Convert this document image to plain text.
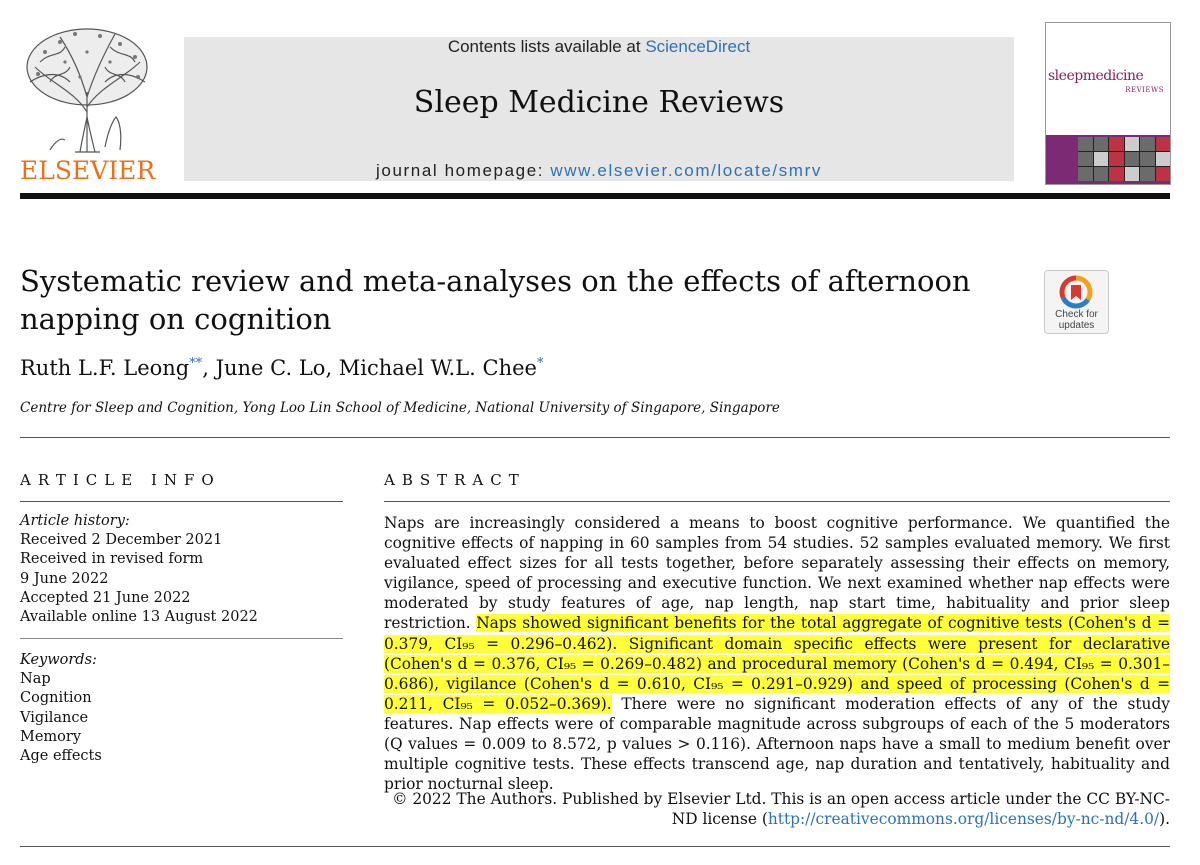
ELSEVIER
Contents lists available at ScienceDirect
Sleep Medicine Reviews
journal homepage: www.elsevier.com/locate/smrv
sleepmedicine
REVIEWS
Systematic review and meta-analyses on the effects of afternoon napping on cognition	Check for
updates
Ruth L.F. Leong**, June C. Lo, Michael W.L. Chee*
Centre for Sleep and Cognition, Yong Loo Lin School of Medicine, National University of Singapore, Singapore
ARTICLE INFO
Article history:
Received 2 December 2021
Received in revised form
9 June 2022
Accepted 21 June 2022
Available online 13 August 2022
Keywords:
Nap
Cognition
Vigilance
Memory
Age effects
ABSTRACT
Naps are increasingly considered a means to boost cognitive performance. We quantified the cognitive effects of napping in 60 samples from 54 studies. 52 samples evaluated memory. We first evaluated effect sizes for all tests together, before separately assessing their effects on memory, vigilance, speed of processing and executive function. We next examined whether nap effects were moderated by study features of age, nap length, nap start time, habituality and prior sleep restriction. Naps showed significant benefits for the total aggregate of cognitive tests (Cohen's d = 0.379, CI₉₅ = 0.296–0.462). Significant domain specific effects were present for declarative (Cohen's d = 0.376, CI₉₅ = 0.269–0.482) and procedural memory (Cohen's d = 0.494, CI₉₅ = 0.301–0.686), vigilance (Cohen's d = 0.610, CI₉₅ = 0.291–0.929) and speed of processing (Cohen's d = 0.211, CI₉₅ = 0.052–0.369). There were no significant moderation effects of any of the study features. Nap effects were of comparable magnitude across subgroups of each of the 5 moderators (Q values = 0.009 to 8.572, p values > 0.116). Afternoon naps have a small to medium benefit over multiple cognitive tests. These effects transcend age, nap duration and tentatively, habituality and prior nocturnal sleep.
© 2022 The Authors. Published by Elsevier Ltd. This is an open access article under the CC BY-NC-ND license (http://creativecommons.org/licenses/by-nc-nd/4.0/).
